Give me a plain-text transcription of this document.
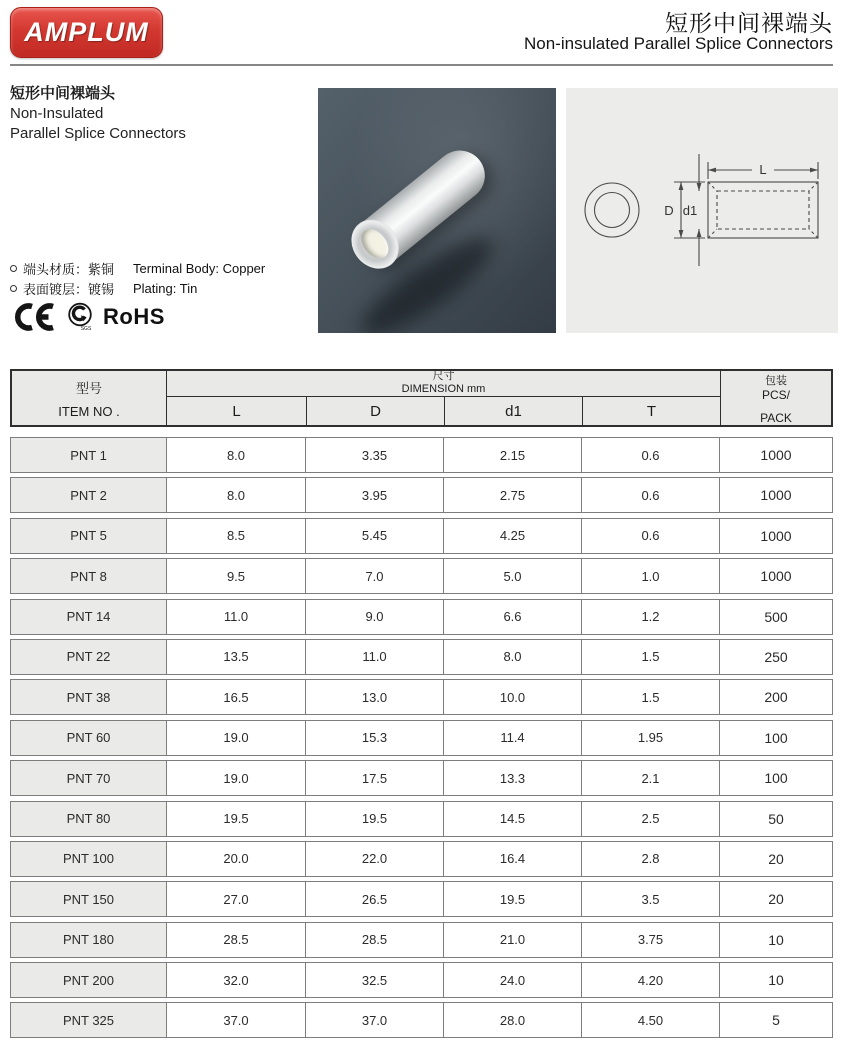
AMPLUM	短形中间裸端头
Non-insulated Parallel Splice Connectors
短形中间裸端头
Non-Insulated
Parallel Splice Connectors
端头材质：紫铜	Terminal Body: Copper
表面镀层：镀锡	Plating: Tin
SGS RoHS
L
D d1
型号
ITEM NO .
尺寸
DIMENSION mm
L	D	d1	T
包装
PCS/
PACK
PNT 1	8.0	3.35	2.15	0.6	1000
PNT 2	8.0	3.95	2.75	0.6	1000
PNT 5	8.5	5.45	4.25	0.6	1000
PNT 8	9.5	7.0	5.0	1.0	1000
PNT 14	11.0	9.0	6.6	1.2	500
PNT 22	13.5	11.0	8.0	1.5	250
PNT 38	16.5	13.0	10.0	1.5	200
PNT 60	19.0	15.3	11.4	1.95	100
PNT 70	19.0	17.5	13.3	2.1	100
PNT 80	19.5	19.5	14.5	2.5	50
PNT 100	20.0	22.0	16.4	2.8	20
PNT 150	27.0	26.5	19.5	3.5	20
PNT 180	28.5	28.5	21.0	3.75	10
PNT 200	32.0	32.5	24.0	4.20	10
PNT 325	37.0	37.0	28.0	4.50	5
